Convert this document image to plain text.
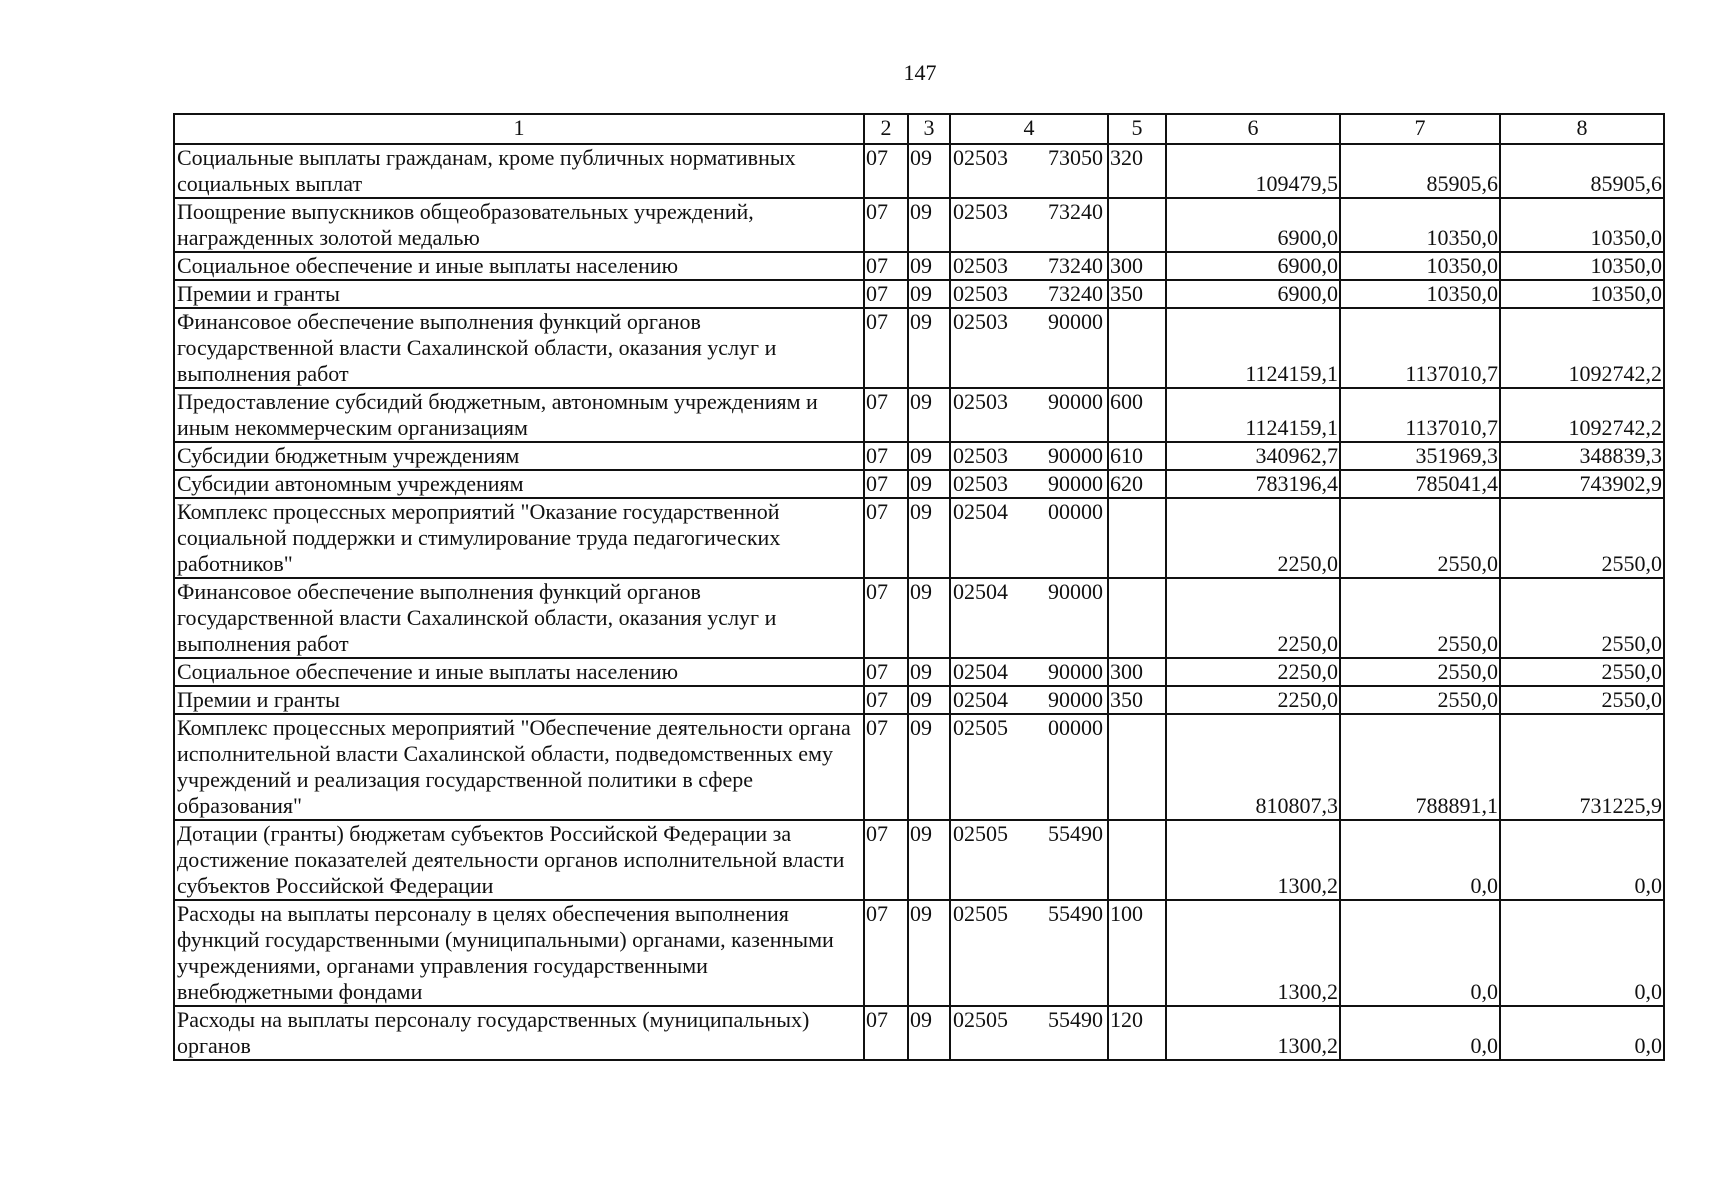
147
1	2	3	4	5	6	7	8
Социальные выплаты гражданам, кроме публичных нормативных социальных выплат	07	09	02503 73050	320	109479,5	85905,6	85905,6
Поощрение выпускников общеобразовательных учреждений, награжденных золотой медалью	07	09	02503 73240		6900,0	10350,0	10350,0
Социальное обеспечение и иные выплаты населению	07	09	02503 73240	300	6900,0	10350,0	10350,0
Премии и гранты	07	09	02503 73240	350	6900,0	10350,0	10350,0
Финансовое обеспечение выполнения функций органов государственной власти Сахалинской области, оказания услуг и выполнения работ	07	09	02503 90000		1124159,1	1137010,7	1092742,2
Предоставление субсидий бюджетным, автономным учреждениям и иным некоммерческим организациям	07	09	02503 90000	600	1124159,1	1137010,7	1092742,2
Субсидии бюджетным учреждениям	07	09	02503 90000	610	340962,7	351969,3	348839,3
Субсидии автономным учреждениям	07	09	02503 90000	620	783196,4	785041,4	743902,9
Комплекс процессных мероприятий "Оказание государственной социальной поддержки и стимулирование труда педагогических работников"	07	09	02504 00000		2250,0	2550,0	2550,0
Финансовое обеспечение выполнения функций органов государственной власти Сахалинской области, оказания услуг и выполнения работ	07	09	02504 90000		2250,0	2550,0	2550,0
Социальное обеспечение и иные выплаты населению	07	09	02504 90000	300	2250,0	2550,0	2550,0
Премии и гранты	07	09	02504 90000	350	2250,0	2550,0	2550,0
Комплекс процессных мероприятий "Обеспечение деятельности органа исполнительной власти Сахалинской области, подведомственных ему учреждений и реализация государственной политики в сфере образования"	07	09	02505 00000		810807,3	788891,1	731225,9
Дотации (гранты) бюджетам субъектов Российской Федерации за достижение показателей деятельности органов исполнительной власти субъектов Российской Федерации	07	09	02505 55490		1300,2	0,0	0,0
Расходы на выплаты персоналу в целях обеспечения выполнения функций государственными (муниципальными) органами, казенными учреждениями, органами управления государственными внебюджетными фондами	07	09	02505 55490	100	1300,2	0,0	0,0
Расходы на выплаты персоналу государственных (муниципальных) органов	07	09	02505 55490	120	1300,2	0,0	0,0
